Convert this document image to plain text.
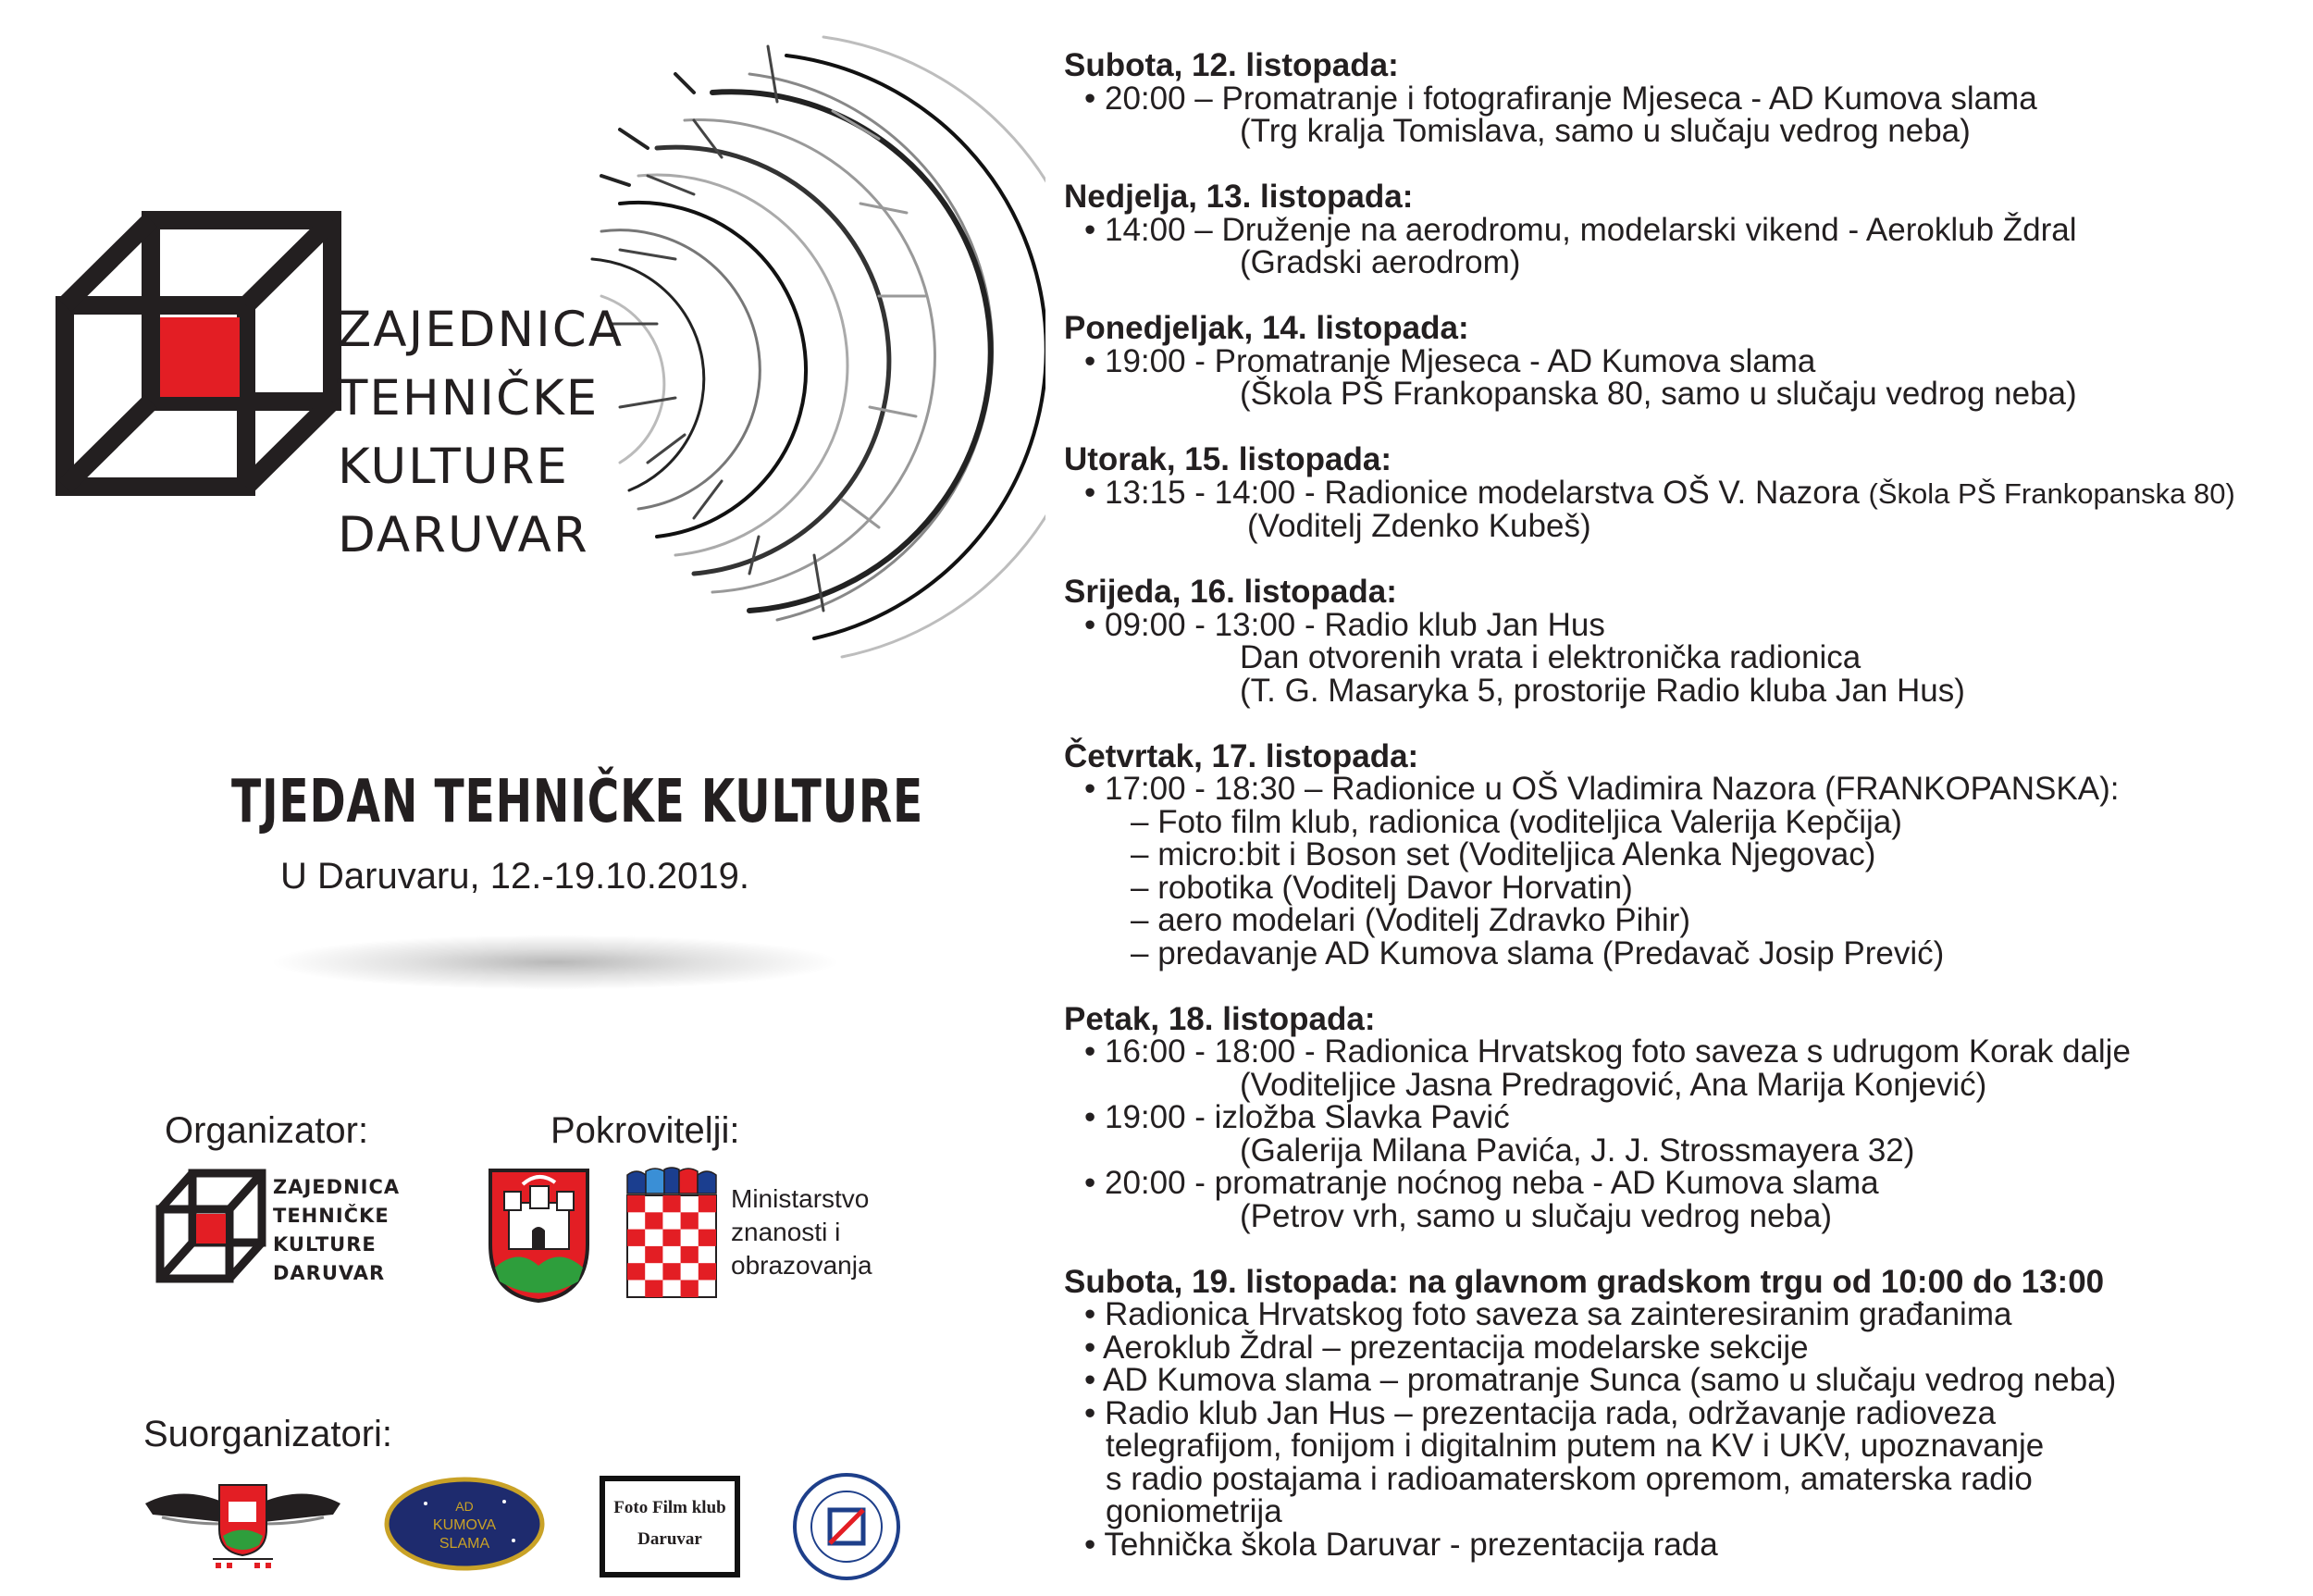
ZAJEDNICA
TEHNIČKE
KULTURE
DARUVAR
TJEDAN TEHNIČKE KULTURE
U Daruvaru, 12.-19.10.2019.
Organizator:
ZAJEDNICA
TEHNIČKE
KULTURE
DARUVAR
Pokrovitelji:
Ministarstvo
znanosti i
obrazovanja
Suorganizatori:
AD
KUMOVA
SLAMA
Foto Film klub
Daruvar
Subota, 12. listopada:
• 20:00 – Promatranje i fotografiranje Mjeseca - AD Kumova slama
(Trg kralja Tomislava, samo u slučaju vedrog neba)
Nedjelja, 13. listopada:
• 14:00 – Druženje na aerodromu, modelarski vikend - Aeroklub Ždral
(Gradski aerodrom)
Ponedjeljak, 14. listopada:
• 19:00 - Promatranje Mjeseca - AD Kumova slama
(Škola PŠ Frankopanska 80, samo u slučaju vedrog neba)
Utorak, 15. listopada:
• 13:15 - 14:00 - Radionice modelarstva OŠ V. Nazora (Škola PŠ Frankopanska 80)
(Voditelj Zdenko Kubeš)
Srijeda, 16. listopada:
• 09:00 - 13:00 - Radio klub Jan Hus
Dan otvorenih vrata i elektronička radionica
(T. G. Masaryka 5, prostorije Radio kluba Jan Hus)
Četvrtak, 17. listopada:
• 17:00 - 18:30 – Radionice u OŠ Vladimira Nazora (FRANKOPANSKA):
– Foto film klub, radionica (voditeljica Valerija Kepčija)
– micro:bit i Boson set (Voditeljica Alenka Njegovac)
– robotika (Voditelj Davor Horvatin)
– aero modelari (Voditelj Zdravko Pihir)
– predavanje AD Kumova slama (Predavač Josip Prević)
Petak, 18. listopada:
• 16:00 - 18:00 - Radionica Hrvatskog foto saveza s udrugom Korak dalje
(Voditeljice Jasna Predragović, Ana Marija Konjević)
• 19:00 - izložba Slavka Pavić
(Galerija Milana Pavića, J. J. Strossmayera 32)
• 20:00 - promatranje noćnog neba - AD Kumova slama
(Petrov vrh, samo u slučaju vedrog neba)
Subota, 19. listopada: na glavnom gradskom trgu od 10:00 do 13:00
• Radionica Hrvatskog foto saveza sa zainteresiranim građanima
• Aeroklub Ždral – prezentacija modelarske sekcije
• AD Kumova slama – promatranje Sunca (samo u slučaju vedrog neba)
• Radio klub Jan Hus – prezentacija rada, održavanje radioveza
telegrafijom, fonijom i digitalnim putem na KV i UKV, upoznavanje
s radio postajama i radioamaterskom opremom, amaterska radio
goniometrija
• Tehnička škola Daruvar - prezentacija rada
